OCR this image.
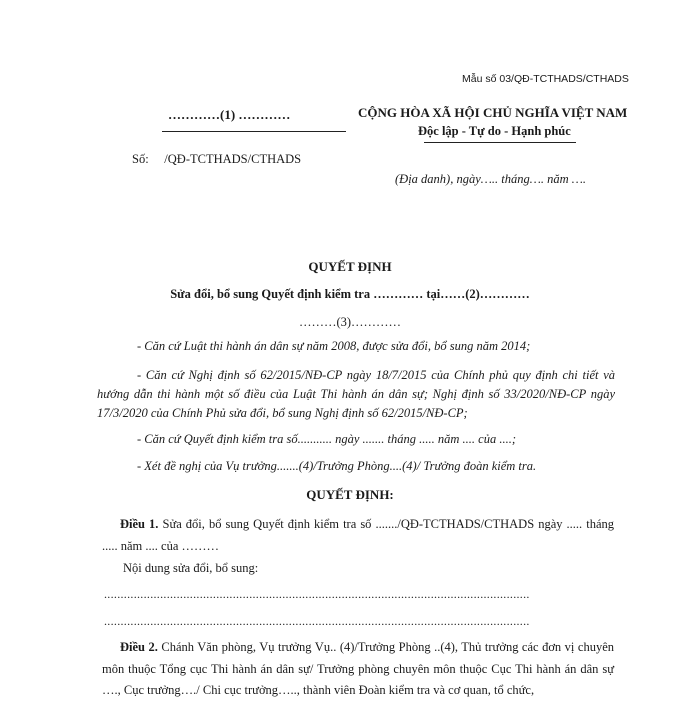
Mẫu số 03/QĐ-TCTHADS/CTHADS
…………(1) …………	CỘNG HÒA XÃ HỘI CHỦ NGHĨA VIỆT NAM
Độc lập - Tự do - Hạnh phúc
Số:     /QĐ-TCTHADS/CTHADS
(Địa danh), ngày….. tháng…. năm ….
QUYẾT ĐỊNH
Sửa đổi, bổ sung Quyết định kiểm tra ………… tại……(2)…………
………(3)…………
- Căn cứ Luật thi hành án dân sự năm 2008, được sửa đổi, bổ sung năm 2014;
- Căn cứ Nghị định số 62/2015/NĐ-CP ngày 18/7/2015 của Chính phủ quy định chi tiết và hướng dẫn thi hành một số điều của Luật Thi hành án dân sự; Nghị định số 33/2020/NĐ-CP ngày 17/3/2020 của Chính Phủ sửa đổi, bổ sung Nghị định số 62/2015/NĐ-CP;
- Căn cứ Quyết định kiểm tra số........... ngày ....... tháng ..... năm .... của ....;
- Xét đề nghị của Vụ trưởng.......(4)/Trưởng Phòng....(4)/ Trưởng đoàn kiểm tra.
QUYẾT ĐỊNH:
Điều 1. Sửa đổi, bổ sung Quyết định kiểm tra số ......./QĐ-TCTHADS/CTHADS ngày ..... tháng ..... năm .... của ………
Nội dung sửa đổi, bổ sung:
.................................................................................................................................
.................................................................................................................................
Điều 2. Chánh Văn phòng, Vụ trưởng Vụ.. (4)/Trưởng Phòng ..(4), Thủ trưởng các đơn vị chuyên môn thuộc Tổng cục Thi hành án dân sự/ Trưởng phòng chuyên môn thuộc Cục Thi hành án dân sự …., Cục trưởng…./ Chi cục trưởng….., thành viên Đoàn kiểm tra và cơ quan, tổ chức,
